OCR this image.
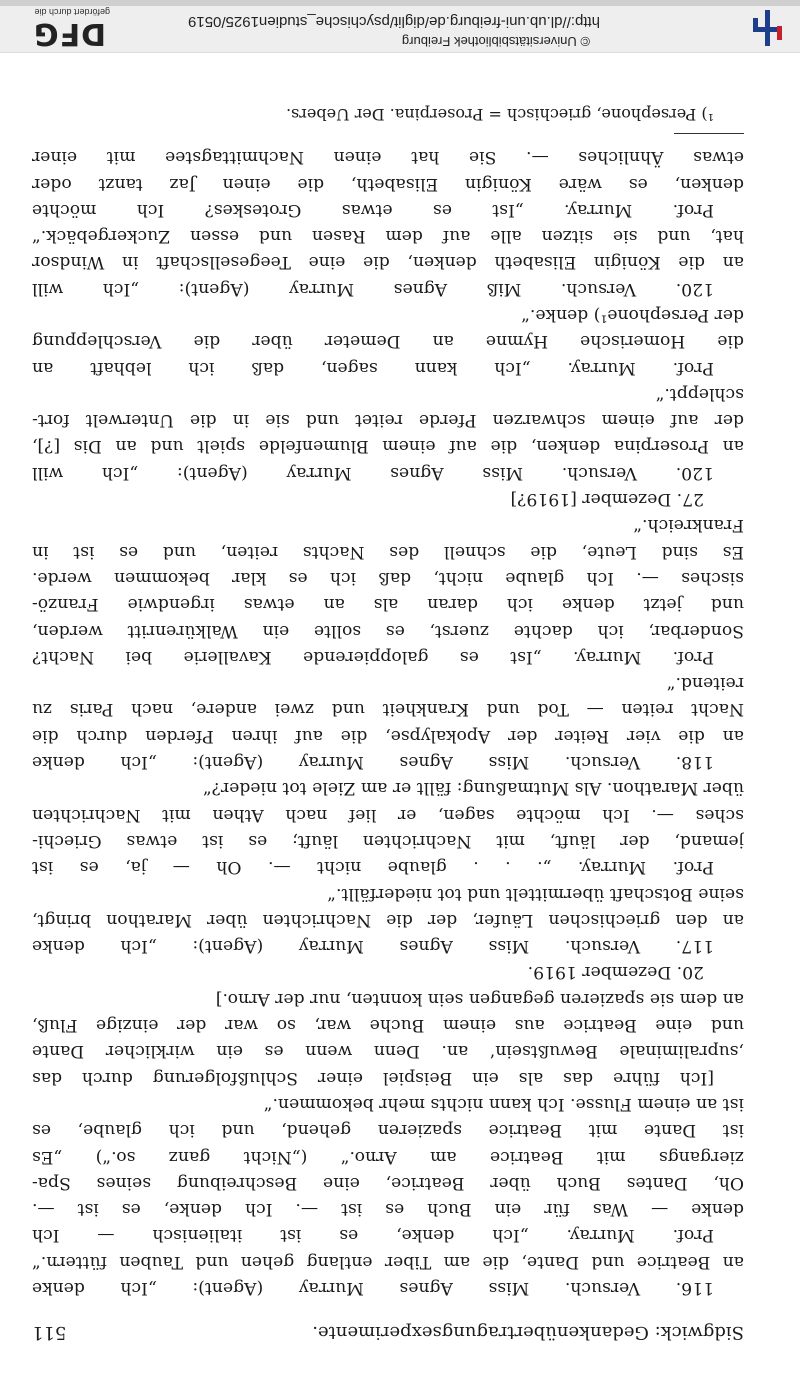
Sidgwick: Gedankenübertragungsexperimente.
511
116. Versuch. Miss Agnes Murray (Agent): „Ich denke
an Beatrice und Dante, die am Tiber entlang gehen und Tauben füttern.“
Prof. Murray. „Ich denke, es ist italienisch — Ich
denke — Was für ein Buch es ist —. Ich denke, es ist —.
Oh, Dantes Buch über Beatrice, eine Beschreibung seines Spa-
ziergangs mit Beatrice am Arno.“ („Nicht ganz so.“) „Es
ist Dante mit Beatrice spazieren gehend, und ich glaube, es
ist an einem Flusse. Ich kann nichts mehr bekommen.“
[Ich führe das als ein Beispiel einer Schlußfolgerung durch das
‚supraliminale Bewußtsein‘ an. Denn wenn es ein wirklicher Dante
und eine Beatrice aus einem Buche war, so war der einzige Fluß,
an dem sie spazieren gegangen sein konnten, nur der Arno.]
20. Dezember 1919.
117. Versuch. Miss Agnes Murray (Agent): „Ich denke
an den griechischen Läufer, der die Nachrichten über Marathon bringt,
seine Botschaft übermittelt und tot niederfällt.“
Prof. Murray. „. . . glaube nicht —. Oh — ja, es ist
jemand, der läuft, mit Nachrichten läuft; es ist etwas Griechi-
sches —. Ich möchte sagen, er lief nach Athen mit Nachrichten
über Marathon. Als Mutmaßung: fällt er am Ziele tot nieder?“
118. Versuch. Miss Agnes Murray (Agent): „Ich denke
an die vier Reiter der Apokalypse, die auf ihren Pferden durch die
Nacht reiten — Tod und Krankheit und zwei andere, nach Paris zu
reitend.“
Prof. Murray. „Ist es galoppierende Kavallerie bei Nacht?
Sonderbar, ich dachte zuerst, es sollte ein Walkürenritt werden,
und jetzt denke ich daran als an etwas irgendwie Franzö-
sisches —. Ich glaube nicht, daß ich es klar bekommen werde.
Es sind Leute, die schnell des Nachts reiten, und es ist in
Frankreich.“
27. Dezember [1919?]
120. Versuch. Miss Agnes Murray (Agent): „Ich will
an Proserpina denken, die auf einem Blumenfelde spielt und an Dis [?],
der auf einem schwarzen Pferde reitet und sie in die Unterwelt fort-
schleppt.“
Prof. Murray. „Ich kann sagen, daß ich lebhaft an
die Homerische Hymne an Demeter über die Verschleppung
der Persephone¹) denke.“
120. Versuch. Miß Agnes Murray (Agent): „Ich will
an die Königin Elisabeth denken, die eine Teegesellschaft in Windsor
hat, und sie sitzen alle auf dem Rasen und essen Zuckergebäck.“
Prof. Murray. „Ist es etwas Groteskes? Ich möchte
denken, es wäre Königin Elisabeth, die einen Jaz tanzt oder
etwas Ähnliches —. Sie hat einen Nachmittagstee mit einer
¹) Persephone, griechisch = Proserpina. Der Uebers.
© Universitätsbibliothek Freiburg
http://dl.ub.uni-freiburg.de/diglit/psychische_studien1925/0519
DFG
gefördert durch die
